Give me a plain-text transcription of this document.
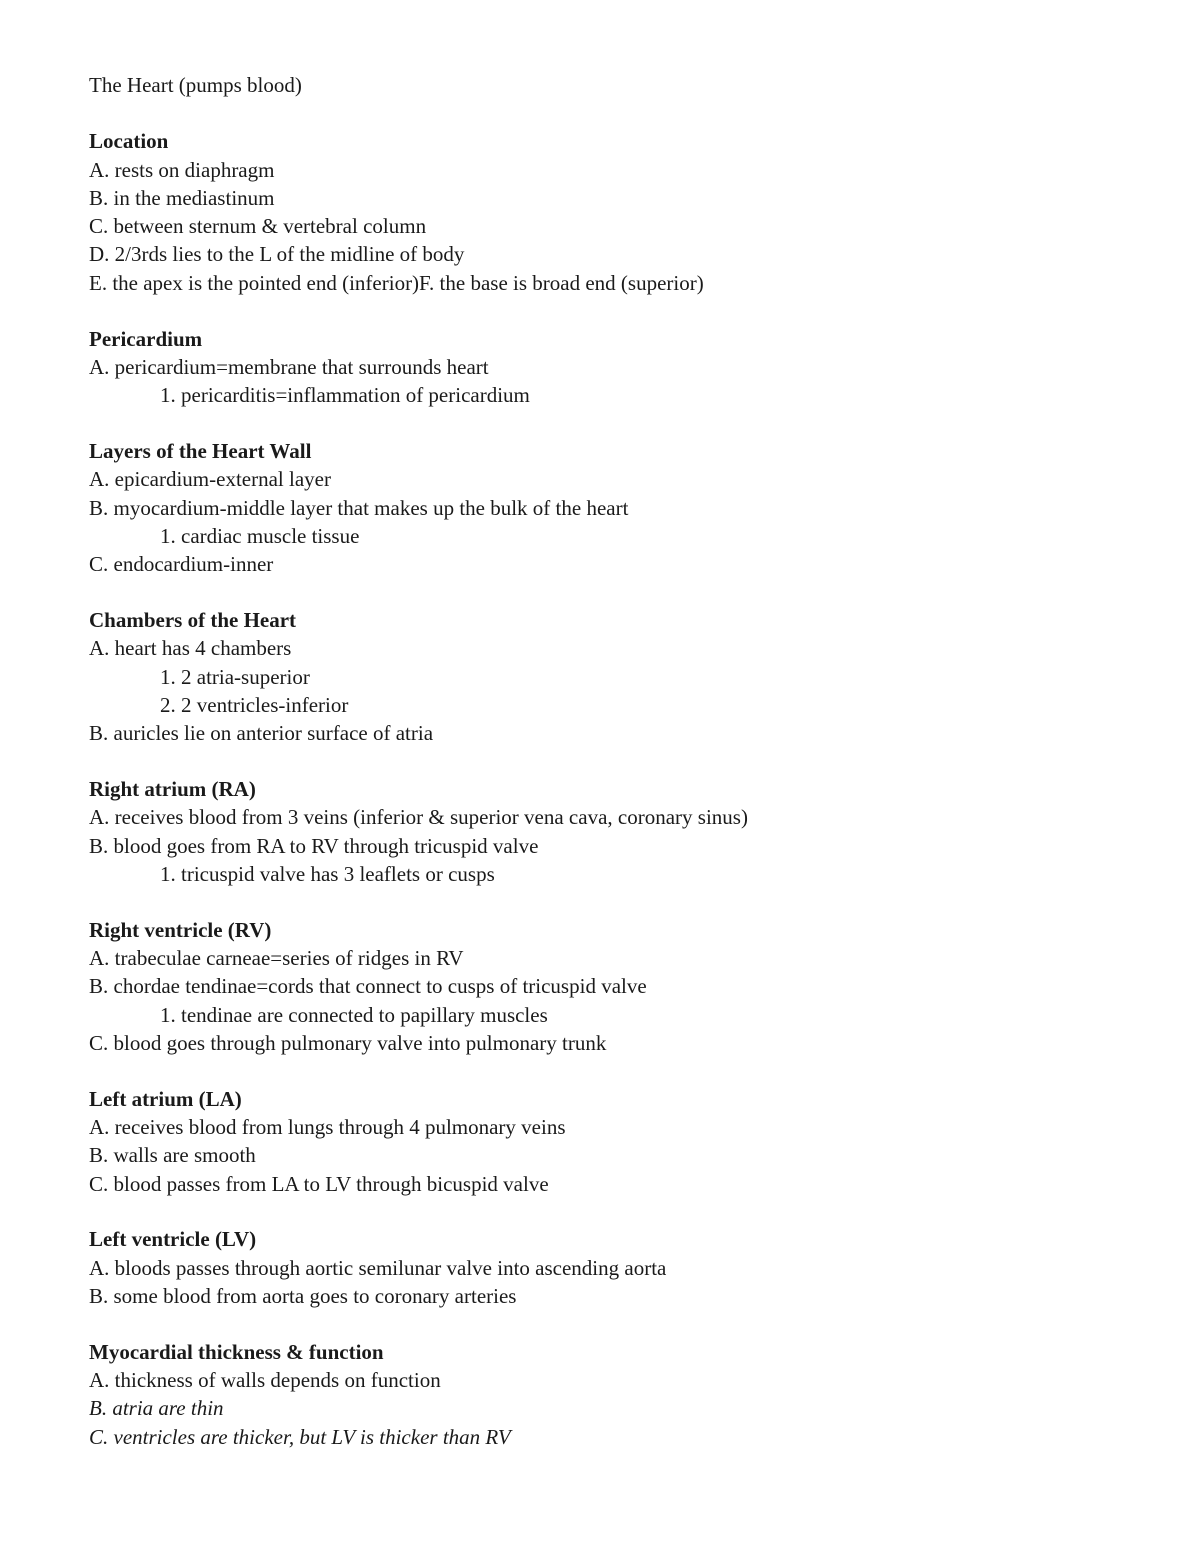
The Heart (pumps blood)
Location
A. rests on diaphragm
B. in the mediastinum
C. between sternum & vertebral column
D. 2/3rds lies to the L of the midline of body
E. the apex is the pointed end (inferior)F. the base is broad end (superior)
Pericardium
A. pericardium=membrane that surrounds heart
1. pericarditis=inflammation of pericardium
Layers of the Heart Wall
A. epicardium-external layer
B. myocardium-middle layer that makes up the bulk of the heart
1. cardiac muscle tissue
C. endocardium-inner
Chambers of the Heart
A. heart has 4 chambers
1. 2 atria-superior
2. 2 ventricles-inferior
B. auricles lie on anterior surface of atria
Right atrium (RA)
A. receives blood from 3 veins (inferior & superior vena cava, coronary sinus)
B. blood goes from RA to RV through tricuspid valve
1. tricuspid valve has 3 leaflets or cusps
Right ventricle (RV)
A. trabeculae carneae=series of ridges in RV
B. chordae tendinae=cords that connect to cusps of tricuspid valve
1. tendinae are connected to papillary muscles
C. blood goes through pulmonary valve into pulmonary trunk
Left atrium (LA)
A. receives blood from lungs through 4 pulmonary veins
B. walls are smooth
C. blood passes from LA to LV through bicuspid valve
Left ventricle (LV)
A. bloods passes through aortic semilunar valve into ascending aorta
B. some blood from aorta goes to coronary arteries
Myocardial thickness & function
A. thickness of walls depends on function
B. atria are thin
C. ventricles are thicker, but LV is thicker than RV
